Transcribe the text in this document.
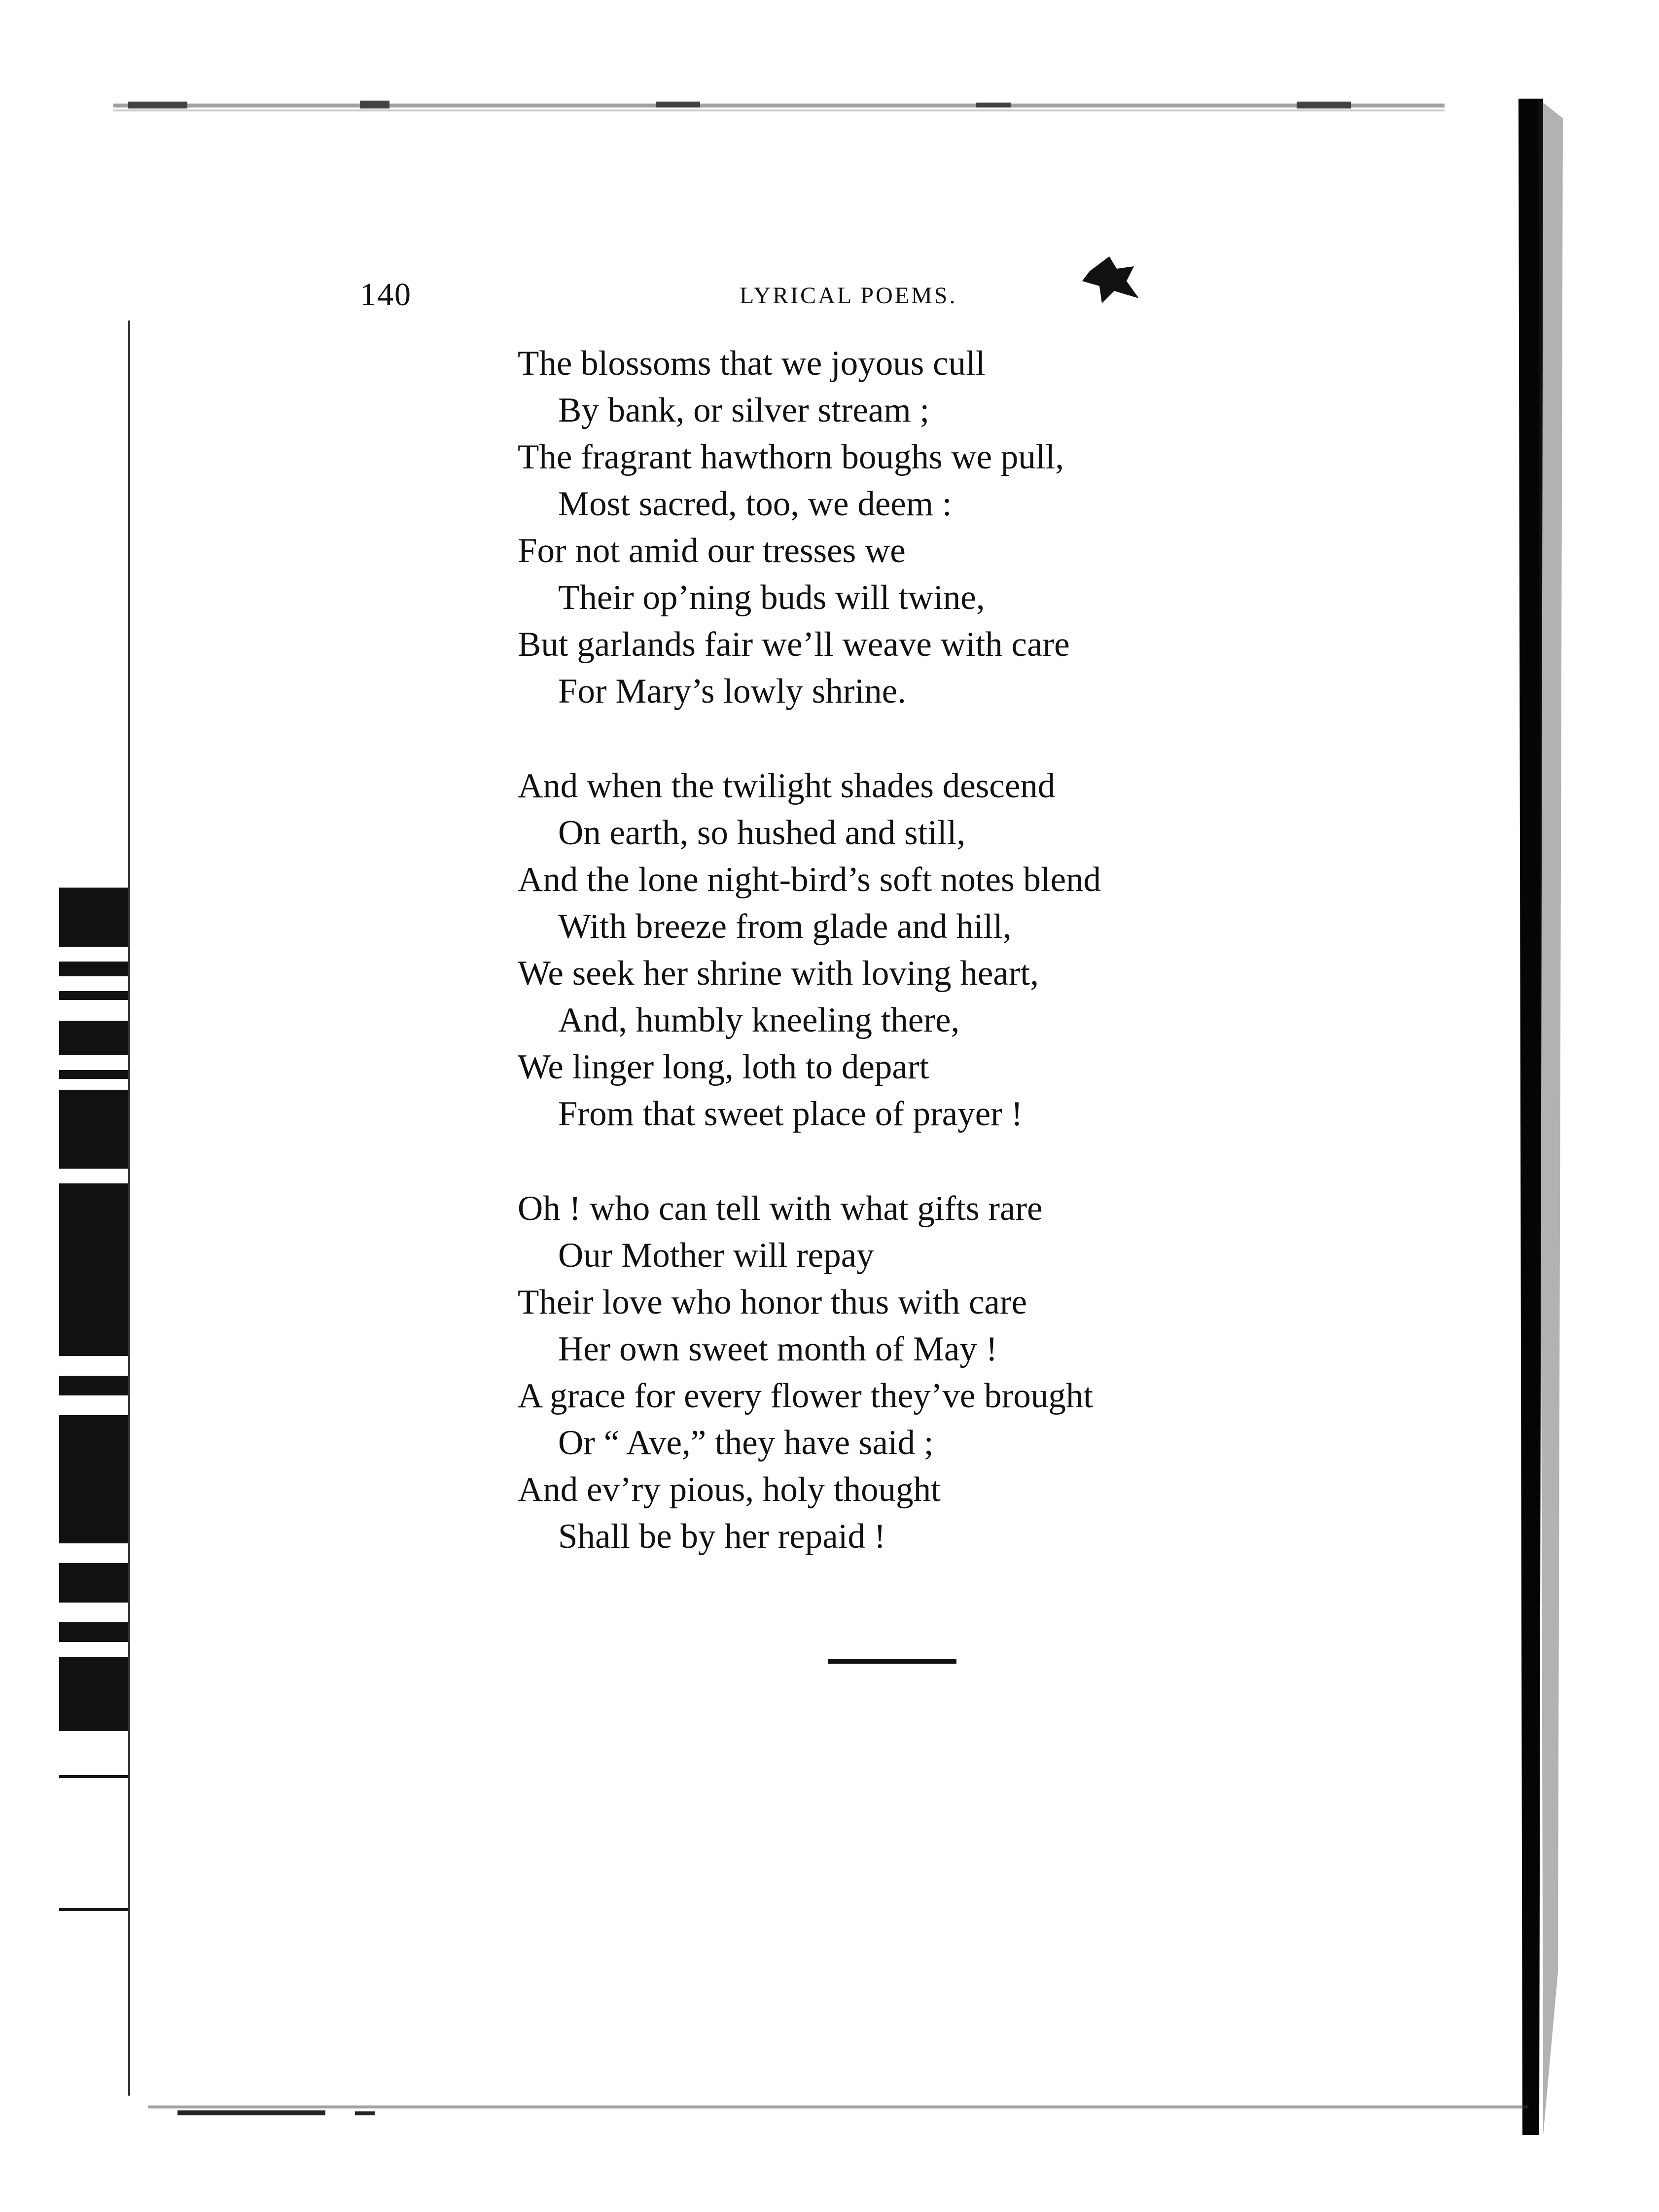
140	LYRICAL POEMS.
The blossoms that we joyous cull
By bank, or silver stream ;
The fragrant hawthorn boughs we pull,
Most sacred, too, we deem :
For not amid our tresses we
Their op’ning buds will twine,
But garlands fair we’ll weave with care
For Mary’s lowly shrine.
And when the twilight shades descend
On earth, so hushed and still,
And the lone night-bird’s soft notes blend
With breeze from glade and hill,
We seek her shrine with loving heart,
And, humbly kneeling there,
We linger long, loth to depart
From that sweet place of prayer !
Oh ! who can tell with what gifts rare
Our Mother will repay
Their love who honor thus with care
Her own sweet month of May !
A grace for every flower they’ve brought
Or “ Ave,” they have said ;
And ev’ry pious, holy thought
Shall be by her repaid !
